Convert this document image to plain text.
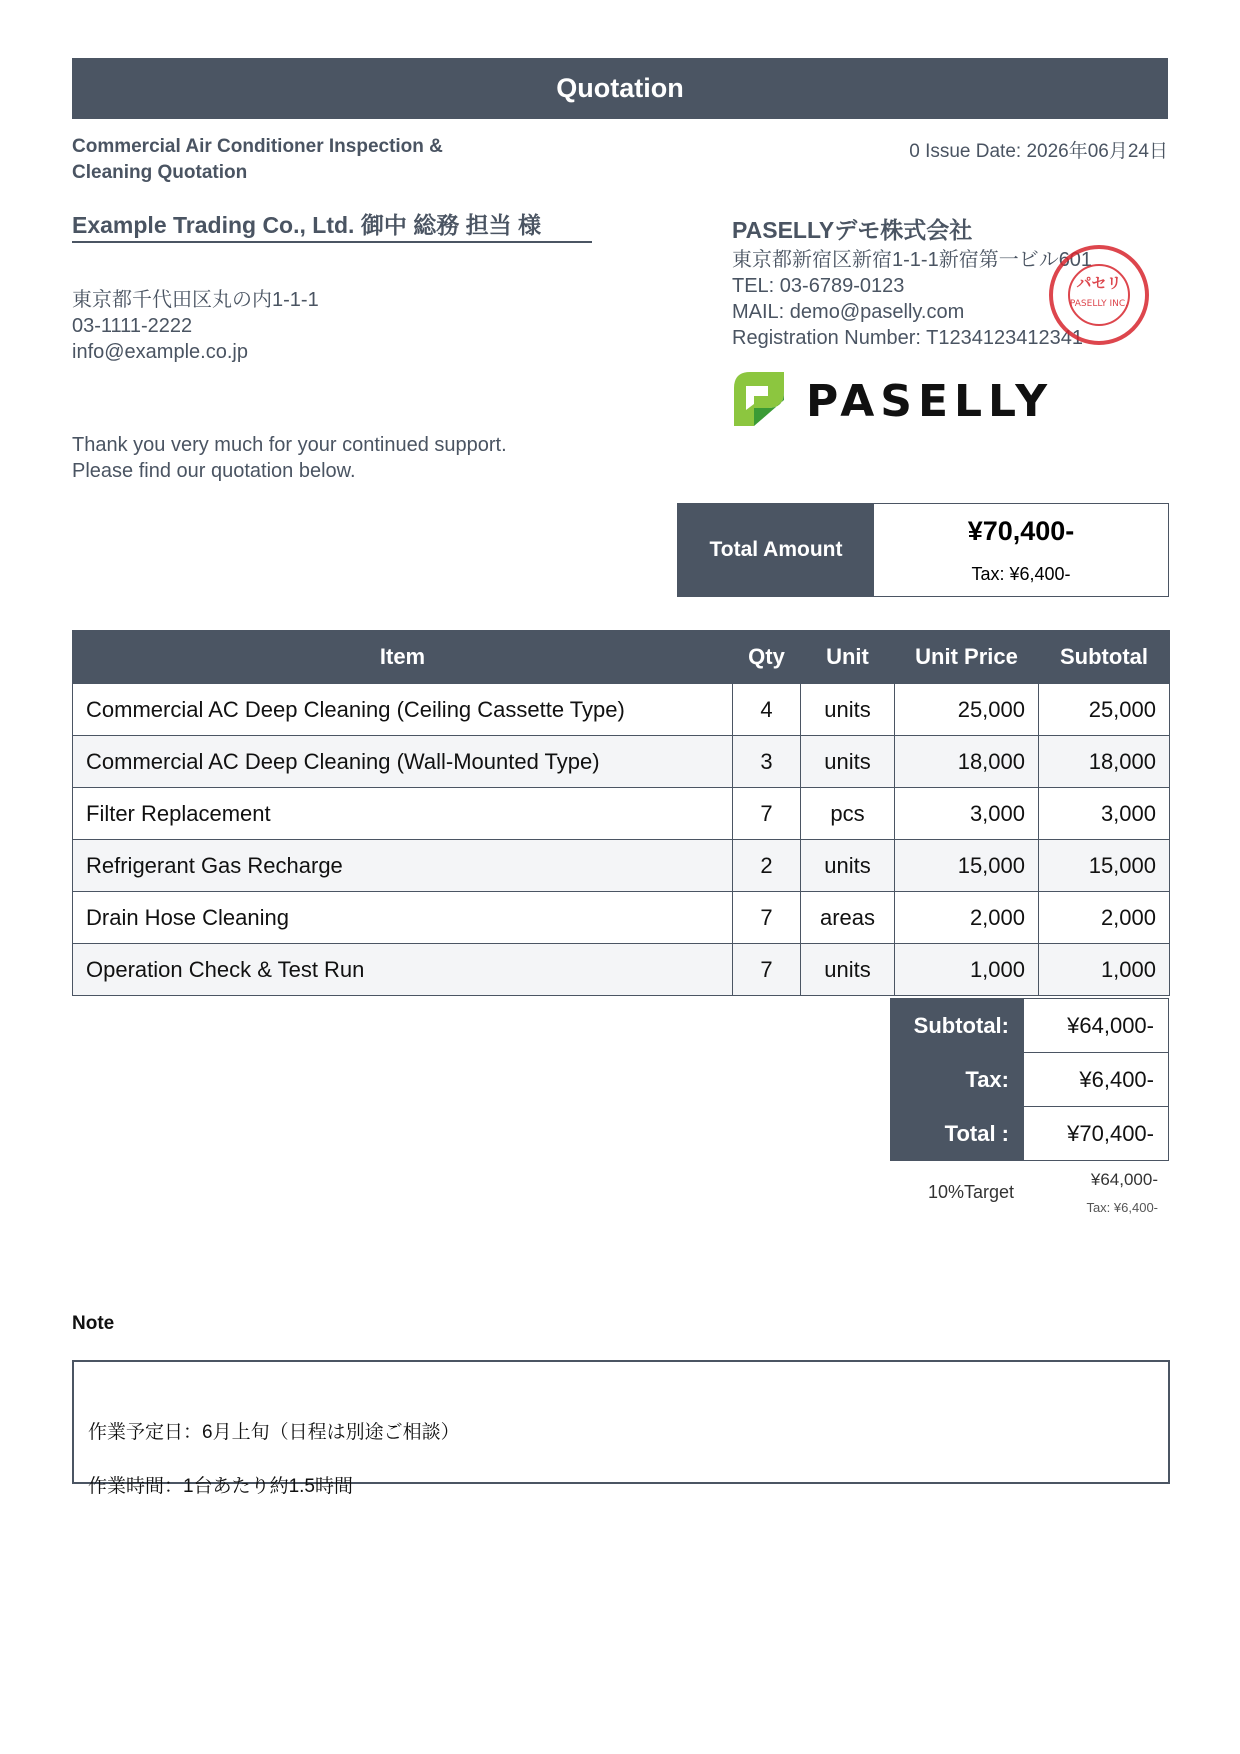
Quotation
Commercial Air Conditioner Inspection &
Cleaning Quotation
0 Issue Date: 2026年06月24日
Example Trading Co., Ltd. 御中 総務 担当 様
東京都千代田区丸の内1-1-1
03-1111-2222
info@example.co.jp
Thank you very much for your continued support.
Please find our quotation below.
PASELLYデモ株式会社
東京都新宿区新宿1-1-1新宿第一ビル601
TEL: 03-6789-0123
MAIL: demo@paselly.com
Registration Number: T1234123412341
パセリ
PASELLY INC.
PASELLY
Total Amount
¥70,400-
Tax: ¥6,400-
Item	Qty	Unit	Unit Price	Subtotal
Commercial AC Deep Cleaning (Ceiling Cassette Type)	4	units	25,000	25,000
Commercial AC Deep Cleaning (Wall-Mounted Type)	3	units	18,000	18,000
Filter Replacement	7	pcs	3,000	3,000
Refrigerant Gas Recharge	2	units	15,000	15,000
Drain Hose Cleaning	7	areas	2,000	2,000
Operation Check & Test Run	7	units	1,000	1,000
Subtotal:	¥64,000-
Tax:	¥6,400-
Total :	¥70,400-
10%Target
¥64,000-
Tax: ¥6,400-
Note

作業予定日：6月上旬（日程は別途ご相談）

作業時間：1台あたり約1.5時間
